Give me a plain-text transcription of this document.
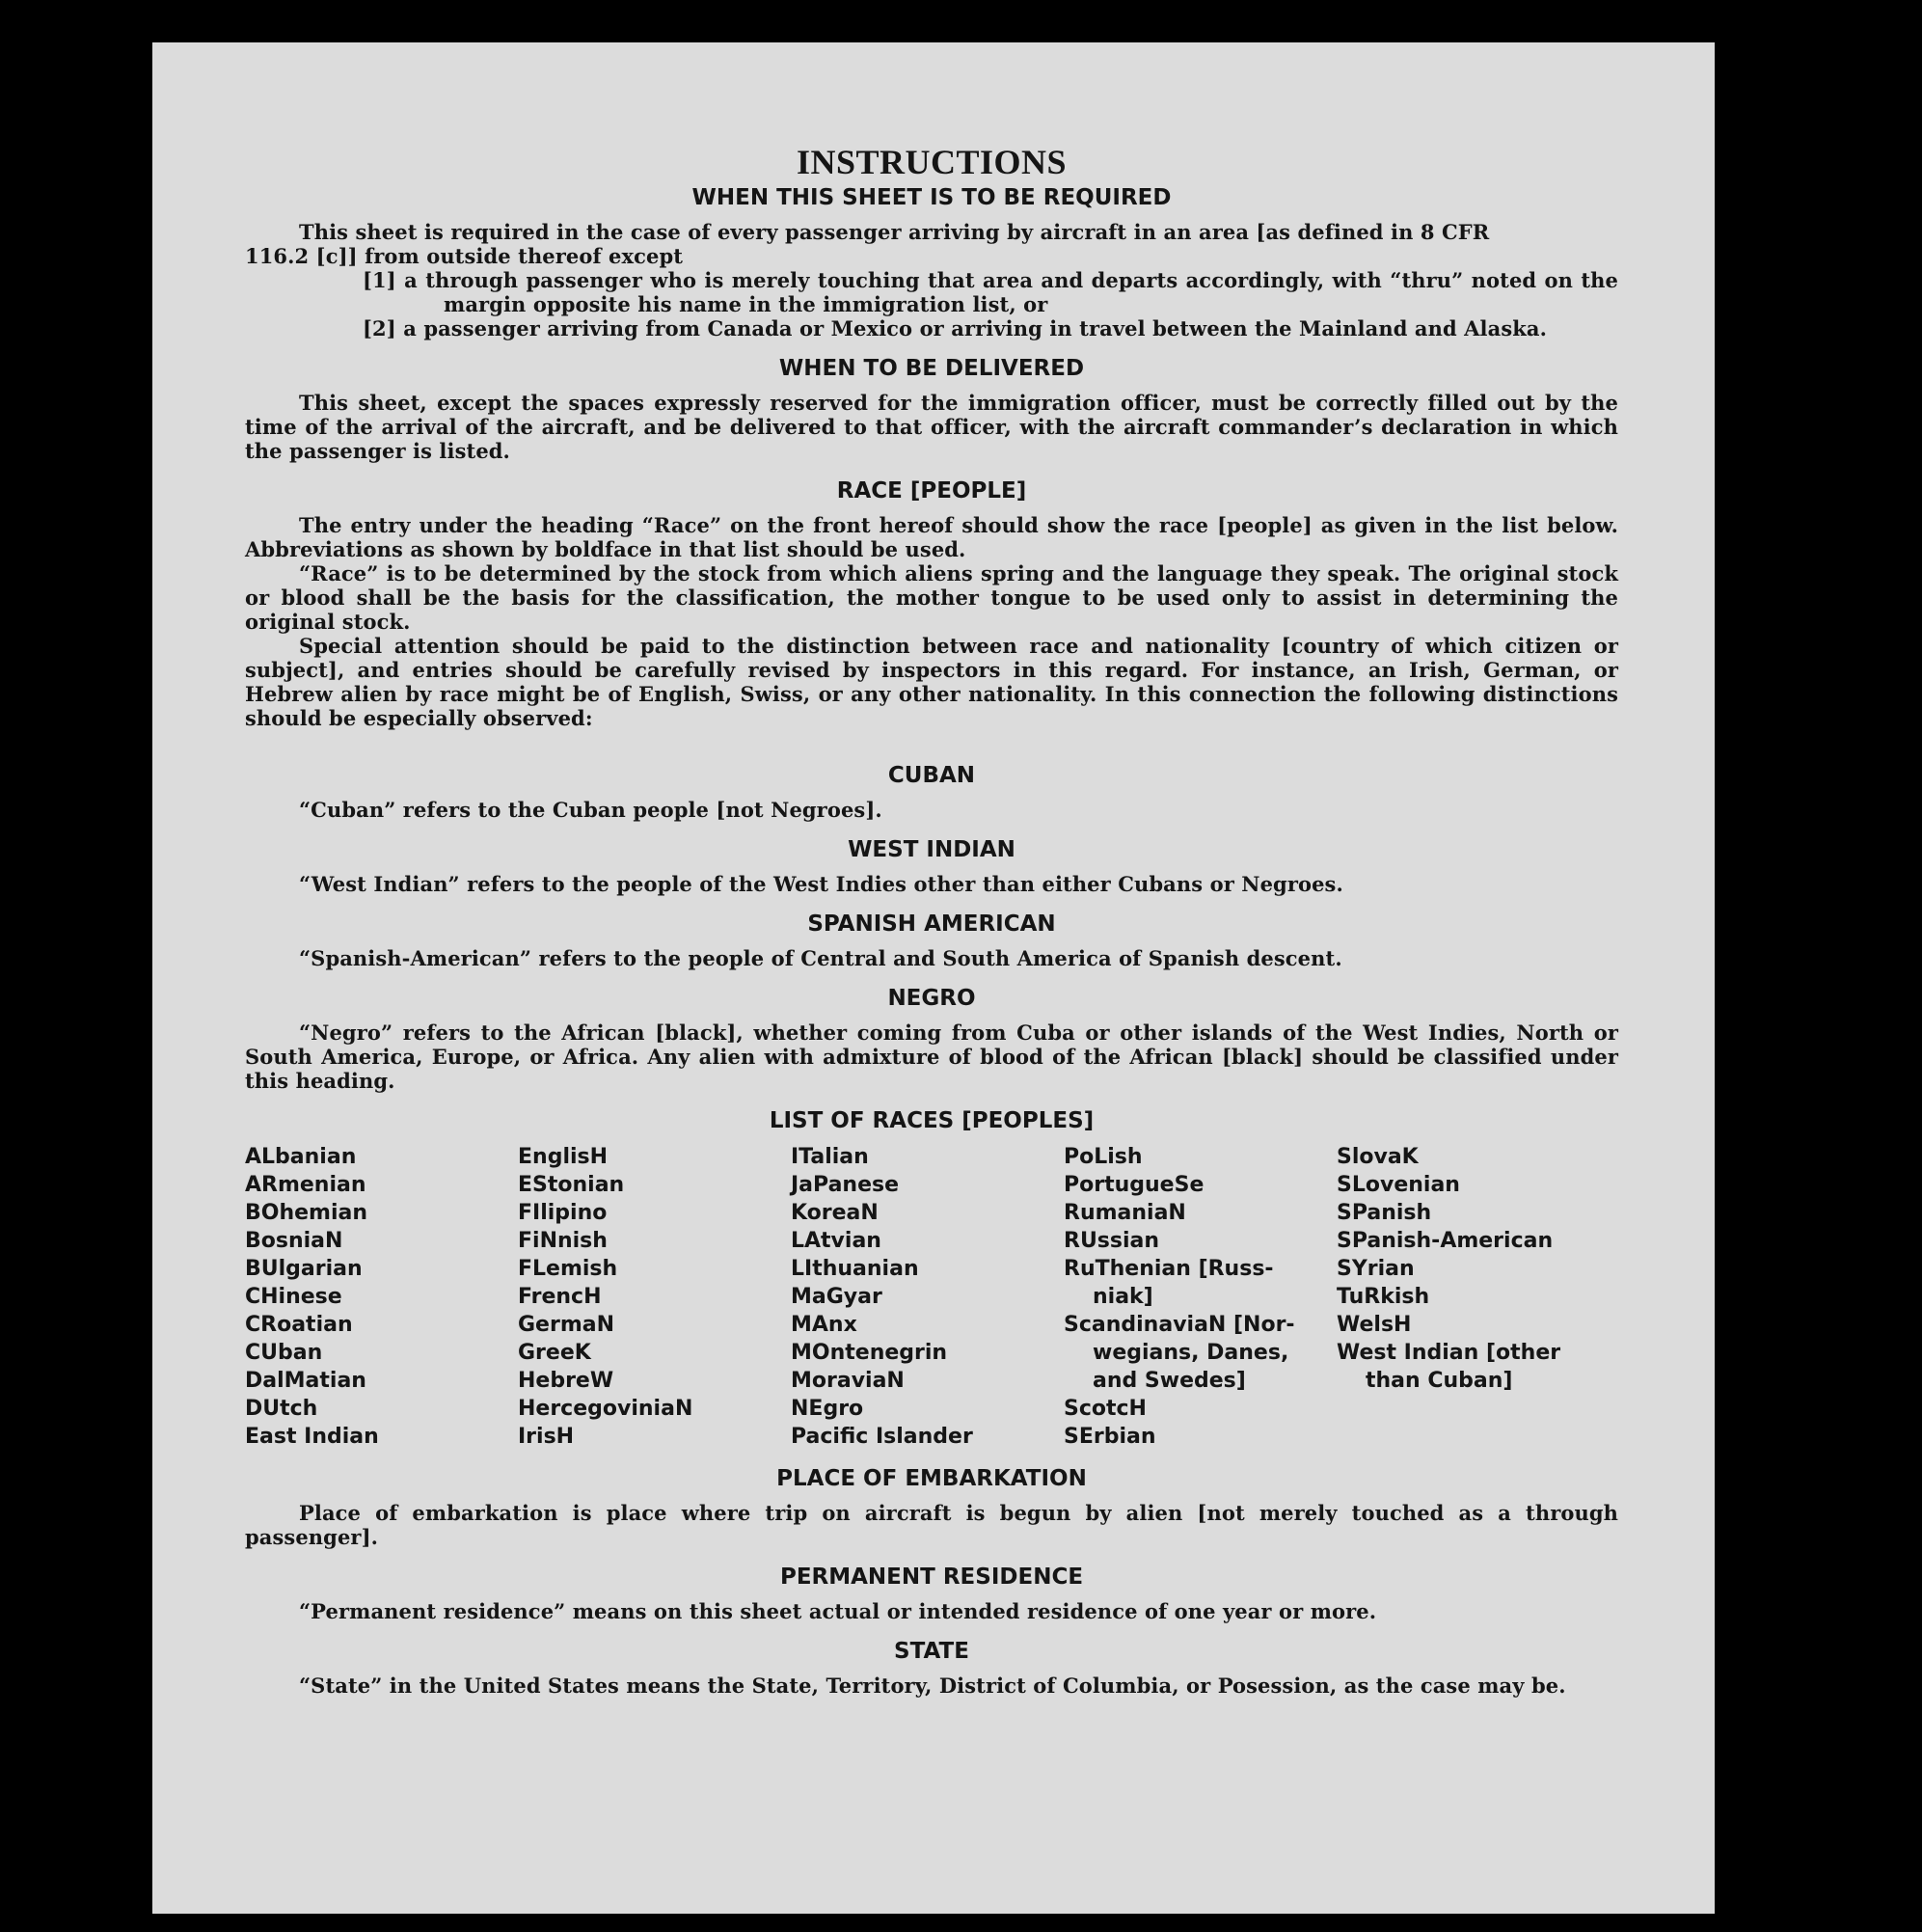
INSTRUCTIONS
WHEN THIS SHEET IS TO BE REQUIRED

This sheet is required in the case of every passenger arriving by aircraft in an area [as defined in 8 CFR

116.2 [c]] from outside thereof except

[1] a through passenger who is merely touching that area and departs accordingly, with “thru” noted on the margin opposite his name in the immigration list, or

[2] a passenger arriving from Canada or Mexico or arriving in travel between the Mainland and Alaska.

WHEN TO BE DELIVERED

This sheet, except the spaces expressly reserved for the immigration officer, must be correctly filled out by the time of the arrival of the aircraft, and be delivered to that officer, with the aircraft commander’s declaration in which the passenger is listed.

RACE [PEOPLE]

The entry under the heading “Race” on the front hereof should show the race [people] as given in the list below. Abbreviations as shown by boldface in that list should be used.

“Race” is to be determined by the stock from which aliens spring and the language they speak. The original stock or blood shall be the basis for the classification, the mother tongue to be used only to assist in determining the original stock.

Special attention should be paid to the distinction between race and nationality [country of which citizen or subject], and entries should be carefully revised by inspectors in this regard. For instance, an Irish, German, or Hebrew alien by race might be of English, Swiss, or any other nationality. In this connection the following distinctions should be especially observed:

CUBAN

“Cuban” refers to the Cuban people [not Negroes].

WEST INDIAN

“West Indian” refers to the people of the West Indies other than either Cubans or Negroes.

SPANISH AMERICAN

“Spanish-American” refers to the people of Central and South America of Spanish descent.

NEGRO

“Negro” refers to the African [black], whether coming from Cuba or other islands of the West Indies, North or South America, Europe, or Africa. Any alien with admixture of blood of the African [black] should be classified under this heading.

LIST OF RACES [PEOPLES]
ALbanian
ARmenian
BOhemian
BosniaN
BUlgarian
CHinese
CRoatian
CUban
DalMatian
DUtch
East Indian
EnglisH
EStonian
FIlipino
FiNnish
FLemish
FrencH
GermaN
GreeK
HebreW
HercegovinіaN
IrisH
ITalian
JaPanese
KoreaN
LAtvian
LIthuanian
MaGyar
MAnx
MOntenegrin
MoraviaN
NEgro
Pacific Islander
PoLish
PortugueSe
RumaniaN
RUssian
RuThenian [Russ-
niak]
ScandinaviaN [Nor-
wegians, Danes,
and Swedes]
ScotcH
SErbian
SlovaK
SLovenian
SPanish
SPanish-American
SYrian
TuRkish
WelsH
West Indian [other
than Cuban]
PLACE OF EMBARKATION

Place of embarkation is place where trip on aircraft is begun by alien [not merely touched as a through passenger].

PERMANENT RESIDENCE

“Permanent residence” means on this sheet actual or intended residence of one year or more.

STATE

“State” in the United States means the State, Territory, District of Columbia, or Posession, as the case may be.
